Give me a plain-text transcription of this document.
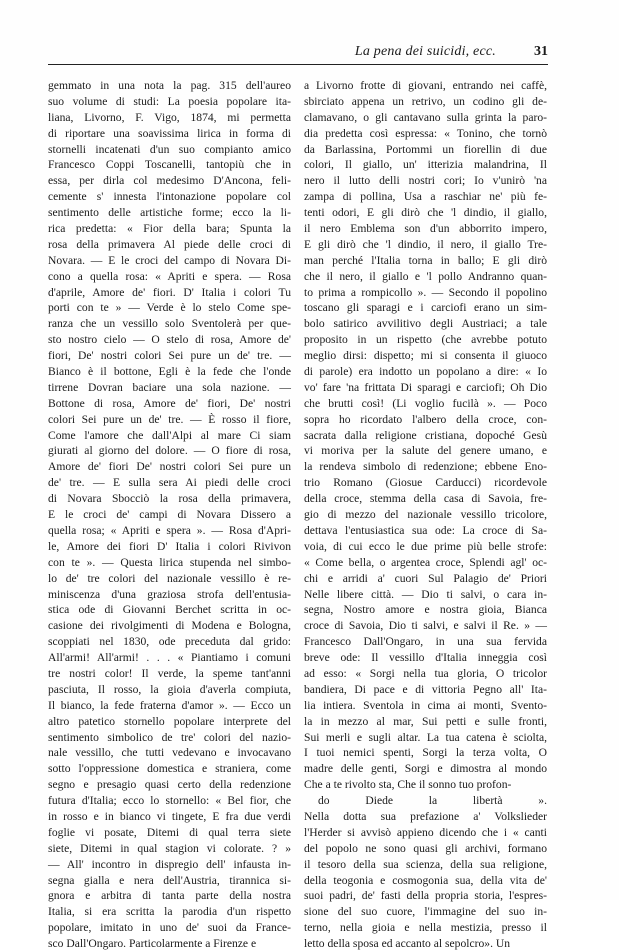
La pena dei suicidi, ecc.	31
gemmato in una nota la pag. 315 dell'aureo
suo volume di studi: La poesia popolare ita-
liana, Livorno, F. Vigo, 1874, mi permetta
di riportare una soavissima lirica in forma di
stornelli incatenati d'un suo compianto amico
Francesco Coppi Toscanelli, tantopiù che in
essa, per dirla col medesimo D'Ancona, feli-
cemente s' innesta l'intonazione popolare col
sentimento delle artistiche forme; ecco la li-
rica predetta: « Fior della bara; Spunta la
rosa della primavera Al piede delle croci di
Novara. — E le croci del campo di Novara Di-
cono a quella rosa: « Apriti e spera. — Rosa
d'aprile, Amore de' fiori. D' Italia i colori Tu
porti con te » — Verde è lo stelo Come spe-
ranza che un vessillo solo Sventolerà per que-
sto nostro cielo — O stelo di rosa, Amore de'
fiori, De' nostri colori Sei pure un de' tre. —
Bianco è il bottone, Egli è la fede che l'onde
tirrene Dovran baciare una sola nazione. —
Bottone di rosa, Amore de' fiori, De' nostri
colori Sei pure un de' tre. — È rosso il fiore,
Come l'amore che dall'Alpi al mare Ci siam
giurati al giorno del dolore. — O fiore di rosa,
Amore de' fiori De' nostri colori Sei pure un
de' tre. — E sulla sera Ai piedi delle croci
di Novara Sbocciò la rosa della primavera,
E le croci de' campi di Novara Dissero a
quella rosa; « Apriti e spera ». — Rosa d'Apri-
le, Amore dei fiori D' Italia i colori Rivivon
con te ». — Questa lirica stupenda nel simbo-
lo de' tre colori del nazionale vessillo è re-
miniscenza d'una graziosa strofa dell'entusia-
stica ode di Giovanni Berchet scritta in oc-
casione dei rivolgimenti di Modena e Bologna,
scoppiati nel 1830, ode preceduta dal grido:
All'armi! All'armi! . . . « Piantiamo i comuni
tre nostri color! Il verde, la speme tant'anni
pasciuta, Il rosso, la gioia d'averla compiuta,
Il bianco, la fede fraterna d'amor ». — Ecco un
altro patetico stornello popolare interprete del
sentimento simbolico de tre' colori del nazio-
nale vessillo, che tutti vedevano e invocavano
sotto l'oppressione domestica e straniera, come
segno e presagio quasi certo della redenzione
futura d'Italia; ecco lo stornello: « Bel fior, che
in rosso e in bianco vi tingete, E fra due verdi
foglie vi posate, Ditemi di qual terra siete
siete, Ditemi in qual stagion vi colorate. ? »
— All' incontro in dispregio dell' infausta in-
segna gialla e nera dell'Austria, tirannica si-
gnora e arbitra di tanta parte della nostra
Italia, si era scritta la parodia d'un rispetto
popolare, imitato in uno de' suoi da France-
sco Dall'Ongaro. Particolarmente a Firenze e
a Livorno frotte di giovani, entrando nei caffè,
sbirciato appena un retrivo, un codino gli de-
clamavano, o gli cantavano sulla grinta la paro-
dia predetta così espressa: « Tonino, che tornò
da Barlassina, Portommi un fiorellin di due
colori, Il giallo, un' itterizia malandrina, Il
nero il lutto delli nostri cori; Io v'unirò 'na
zampa di pollina, Usa a raschiar ne' più fe-
tenti odori, E gli dirò che 'l dindio, il giallo,
il nero Emblema son d'un abborrito impero,
E gli dirò che 'l dindio, il nero, il giallo Tre-
man perché l'Italia torna in ballo; E gli dirò
che il nero, il giallo e 'l pollo Andranno quan-
to prima a rompicollo ». — Secondo il popolino
toscano gli sparagi e i carciofi erano un sim-
bolo satirico avvilitivo degli Austriaci; a tale
proposito in un rispetto (che avrebbe potuto
meglio dirsi: dispetto; mi si consenta il giuoco
di parole) era indotto un popolano a dire: « Io
vo' fare 'na frittata Di sparagi e carciofi; Oh Dio
che brutti così! (Li voglio fucilà ». — Poco
sopra ho ricordato l'albero della croce, con-
sacrata dalla religione cristiana, dopoché Gesù
vi moriva per la salute del genere umano, e
la rendeva simbolo di redenzione; ebbene Eno-
trio Romano (Giosue Carducci) ricordevole
della croce, stemma della casa di Savoia, fre-
gio di mezzo del nazionale vessillo tricolore,
dettava l'entusiastica sua ode: La croce di Sa-
voia, di cui ecco le due prime più belle strofe:
« Come bella, o argentea croce, Splendi agl' oc-
chi e arridi a' cuori Sul Palagio de' Priori
Nelle libere città. — Dio ti salvi, o cara in-
segna, Nostro amore e nostra gioia, Bianca
croce di Savoia, Dio ti salvi, e salvi il Re. » —
Francesco Dall'Ongaro, in una sua fervida
breve ode: Il vessillo d'Italia inneggia così
ad esso: « Sorgi nella tua gloria, O tricolor
bandiera, Di pace e di vittoria Pegno all' Ita-
lia intiera. Sventola in cima ai monti, Svento-
la in mezzo al mar, Sui petti e sulle fronti,
Sui merli e sugli altar. La tua catena è sciolta,
I tuoi nemici spenti, Sorgi la terza volta, O
madre delle genti, Sorgi e dimostra al mondo
Che a te rivolto sta, Che il sonno tuo profon-
do Diede la libertà ».
Nella dotta sua prefazione a' Volkslieder
l'Herder si avvisò appieno dicendo che i « canti
del popolo ne sono quasi gli archivi, formano
il tesoro della sua scienza, della sua religione,
della teogonia e cosmogonia sua, della vita de'
suoi padri, de' fasti della propria storia, l'espres-
sione del suo cuore, l'immagine del suo in-
terno, nella gioia e nella mestizia, presso il
letto della sposa ed accanto al sepolcro». Un
